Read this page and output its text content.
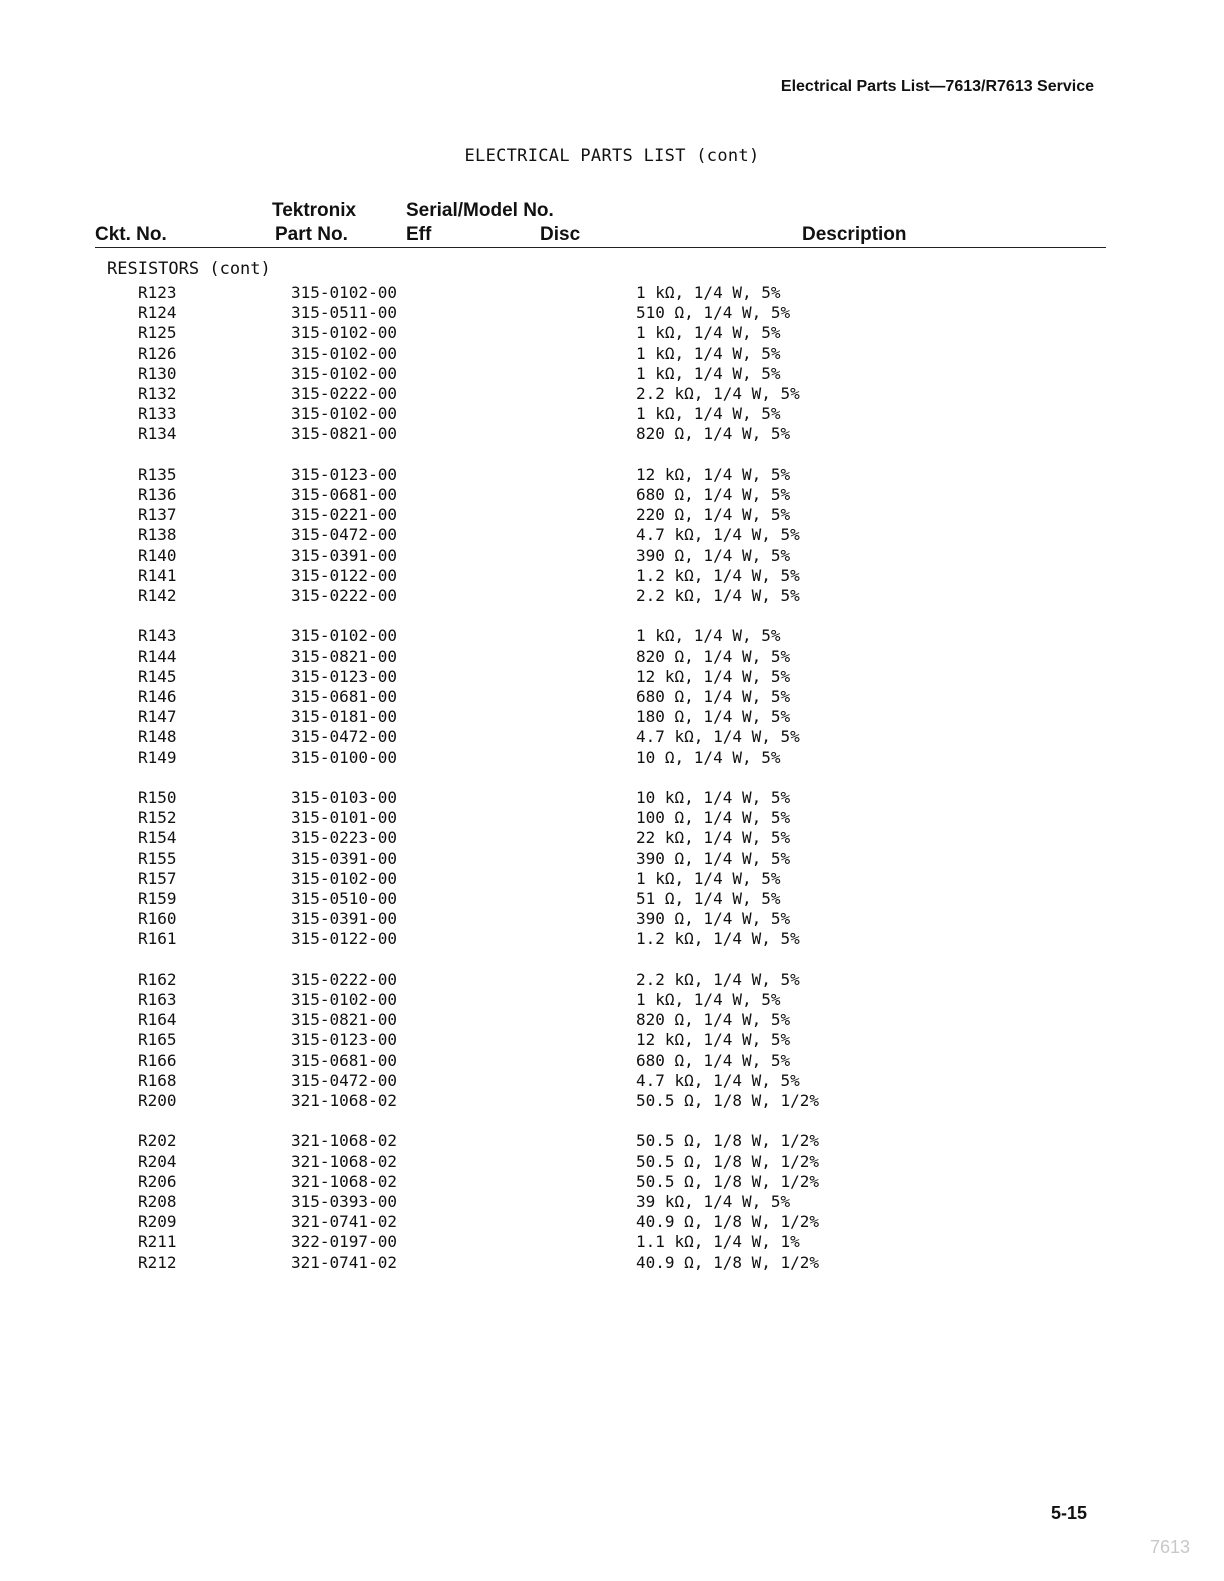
Electrical Parts List—7613/R7613 Service
ELECTRICAL PARTS LIST (cont)
Ckt. No.
Tektronix
Part No.
Serial/Model No.
Eff	Disc	Description
RESISTORS (cont)
R123	315-0102-00	1 kΩ, 1/4 W, 5%
R124	315-0511-00	510 Ω, 1/4 W, 5%
R125	315-0102-00	1 kΩ, 1/4 W, 5%
R126	315-0102-00	1 kΩ, 1/4 W, 5%
R130	315-0102-00	1 kΩ, 1/4 W, 5%
R132	315-0222-00	2.2 kΩ, 1/4 W, 5%
R133	315-0102-00	1 kΩ, 1/4 W, 5%
R134	315-0821-00	820 Ω, 1/4 W, 5%
R135	315-0123-00	12 kΩ, 1/4 W, 5%
R136	315-0681-00	680 Ω, 1/4 W, 5%
R137	315-0221-00	220 Ω, 1/4 W, 5%
R138	315-0472-00	4.7 kΩ, 1/4 W, 5%
R140	315-0391-00	390 Ω, 1/4 W, 5%
R141	315-0122-00	1.2 kΩ, 1/4 W, 5%
R142	315-0222-00	2.2 kΩ, 1/4 W, 5%
R143	315-0102-00	1 kΩ, 1/4 W, 5%
R144	315-0821-00	820 Ω, 1/4 W, 5%
R145	315-0123-00	12 kΩ, 1/4 W, 5%
R146	315-0681-00	680 Ω, 1/4 W, 5%
R147	315-0181-00	180 Ω, 1/4 W, 5%
R148	315-0472-00	4.7 kΩ, 1/4 W, 5%
R149	315-0100-00	10 Ω, 1/4 W, 5%
R150	315-0103-00	10 kΩ, 1/4 W, 5%
R152	315-0101-00	100 Ω, 1/4 W, 5%
R154	315-0223-00	22 kΩ, 1/4 W, 5%
R155	315-0391-00	390 Ω, 1/4 W, 5%
R157	315-0102-00	1 kΩ, 1/4 W, 5%
R159	315-0510-00	51 Ω, 1/4 W, 5%
R160	315-0391-00	390 Ω, 1/4 W, 5%
R161	315-0122-00	1.2 kΩ, 1/4 W, 5%
R162	315-0222-00	2.2 kΩ, 1/4 W, 5%
R163	315-0102-00	1 kΩ, 1/4 W, 5%
R164	315-0821-00	820 Ω, 1/4 W, 5%
R165	315-0123-00	12 kΩ, 1/4 W, 5%
R166	315-0681-00	680 Ω, 1/4 W, 5%
R168	315-0472-00	4.7 kΩ, 1/4 W, 5%
R200	321-1068-02	50.5 Ω, 1/8 W, 1/2%
R202	321-1068-02	50.5 Ω, 1/8 W, 1/2%
R204	321-1068-02	50.5 Ω, 1/8 W, 1/2%
R206	321-1068-02	50.5 Ω, 1/8 W, 1/2%
R208	315-0393-00	39 kΩ, 1/4 W, 5%
R209	321-0741-02	40.9 Ω, 1/8 W, 1/2%
R211	322-0197-00	1.1 kΩ, 1/4 W, 1%
R212	321-0741-02	40.9 Ω, 1/8 W, 1/2%
5-15
7613
